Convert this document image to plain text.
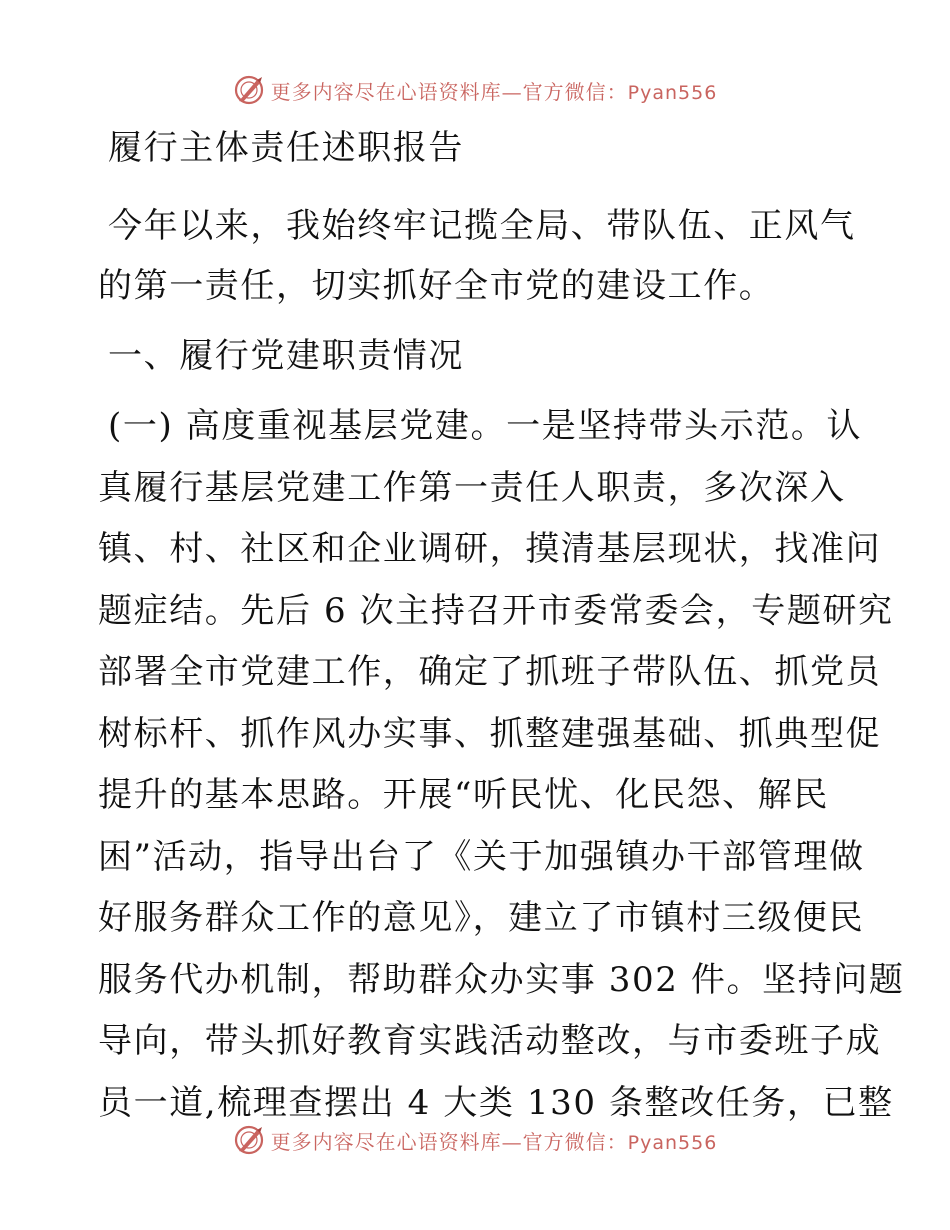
更多内容尽在心语资料库—官方微信：Pyan556
履行主体责任述职报告
今年以来，我始终牢记揽全局、带队伍、正风气
的第一责任，切实抓好全市党的建设工作。
一、履行党建职责情况
(一) 高度重视基层党建。一是坚持带头示范。认
真履行基层党建工作第一责任人职责，多次深入
镇、村、社区和企业调研，摸清基层现状，找准问
题症结。先后 6 次主持召开市委常委会，专题研究
部署全市党建工作，确定了抓班子带队伍、抓党员
树标杆、抓作风办实事、抓整建强基础、抓典型促
提升的基本思路。开展“听民忧、化民怨、解民
困”活动，指导出台了《关于加强镇办干部管理做
好服务群众工作的意见》，建立了市镇村三级便民
服务代办机制，帮助群众办实事 302 件。坚持问题
导向，带头抓好教育实践活动整改，与市委班子成
员一道,梳理查摆出 4 大类 130 条整改任务，已整
更多内容尽在心语资料库—官方微信：Pyan556
